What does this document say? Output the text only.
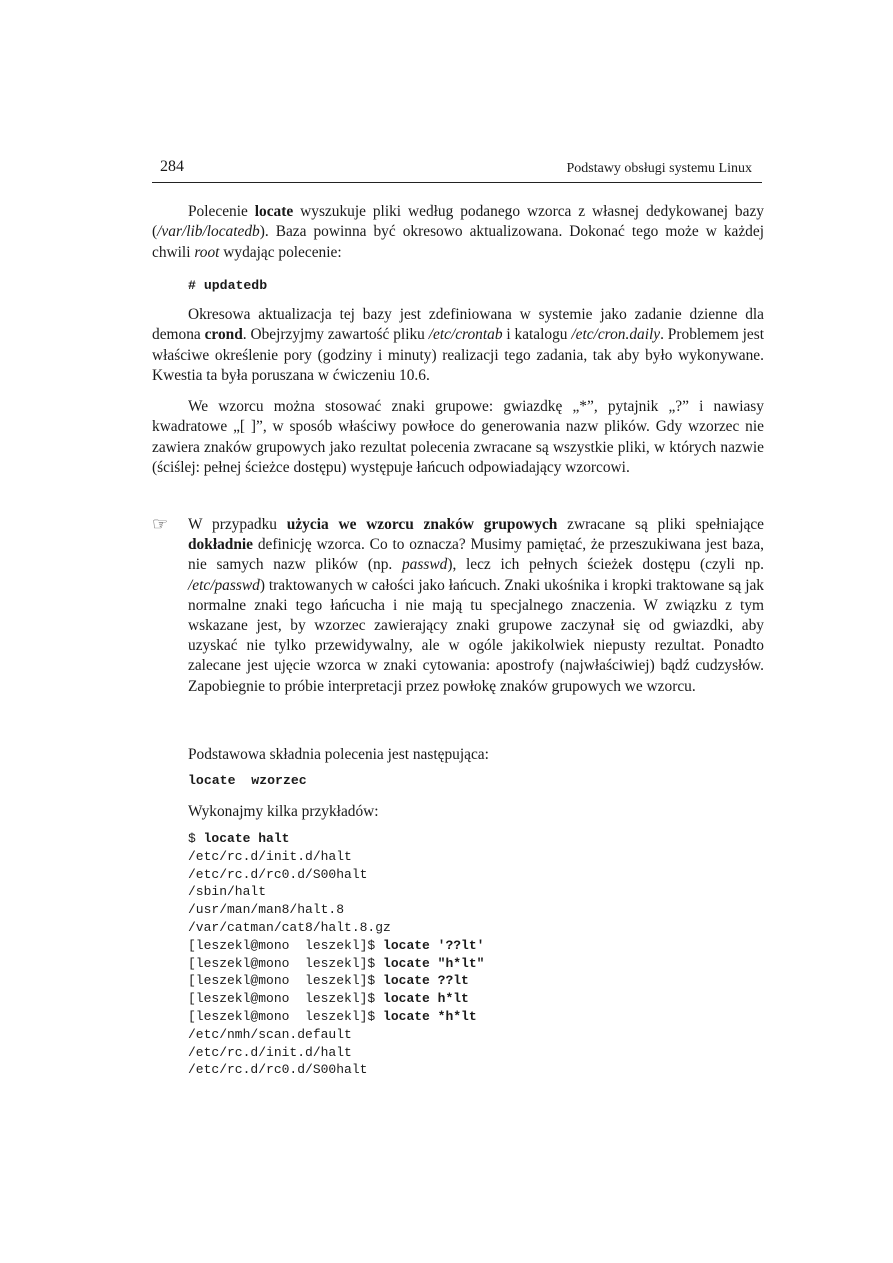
284	Podstawy obsługi systemu Linux
Polecenie locate wyszukuje pliki według podanego wzorca z własnej dedykowanej bazy (/var/lib/locatedb). Baza powinna być okresowo aktualizowana. Dokonać tego może w każdej chwili root wydając polecenie:
# updatedb
Okresowa aktualizacja tej bazy jest zdefiniowana w systemie jako zadanie dzienne dla demona crond. Obejrzyjmy zawartość pliku /etc/crontab i katalogu /etc/cron.daily. Problemem jest właściwe określenie pory (godziny i minuty) realizacji tego zadania, tak aby było wykonywane. Kwestia ta była poruszana w ćwiczeniu 10.6.
We wzorcu można stosować znaki grupowe: gwiazdkę „*”, pytajnik „?” i nawiasy kwadratowe „[ ]”, w sposób właściwy powłoce do generowania nazw plików. Gdy wzorzec nie zawiera znaków grupowych jako rezultat polecenia zwracane są wszystkie pliki, w których nazwie (ściślej: pełnej ścieżce dostępu) występuje łańcuch odpowiadający wzorcowi.
☞ W przypadku użycia we wzorcu znaków grupowych zwracane są pliki spełniające dokładnie definicję wzorca. Co to oznacza? Musimy pamiętać, że przeszukiwana jest baza, nie samych nazw plików (np. passwd), lecz ich pełnych ścieżek dostępu (czyli np. /etc/passwd) traktowanych w całości jako łańcuch. Znaki ukośnika i kropki traktowane są jak normalne znaki tego łańcucha i nie mają tu specjalnego znaczenia. W związku z tym wskazane jest, by wzorzec zawierający znaki grupowe zaczynał się od gwiazdki, aby uzyskać nie tylko przewidywalny, ale w ogóle jakikolwiek niepusty rezultat. Ponadto zalecane jest ujęcie wzorca w znaki cytowania: apostrofy (najwłaściwiej) bądź cudzysłów. Zapobiegnie to próbie interpretacji przez powłokę znaków grupowych we wzorcu.
Podstawowa składnia polecenia jest następująca:
locate  wzorzec
Wykonajmy kilka przykładów:
$ locate halt
/etc/rc.d/init.d/halt
/etc/rc.d/rc0.d/S00halt
/sbin/halt
/usr/man/man8/halt.8
/var/catman/cat8/halt.8.gz
[leszekl@mono  leszekl]$ locate '??lt'
[leszekl@mono  leszekl]$ locate "h*lt"
[leszekl@mono  leszekl]$ locate ??lt
[leszekl@mono  leszekl]$ locate h*lt
[leszekl@mono  leszekl]$ locate *h*lt
/etc/nmh/scan.default
/etc/rc.d/init.d/halt
/etc/rc.d/rc0.d/S00halt
